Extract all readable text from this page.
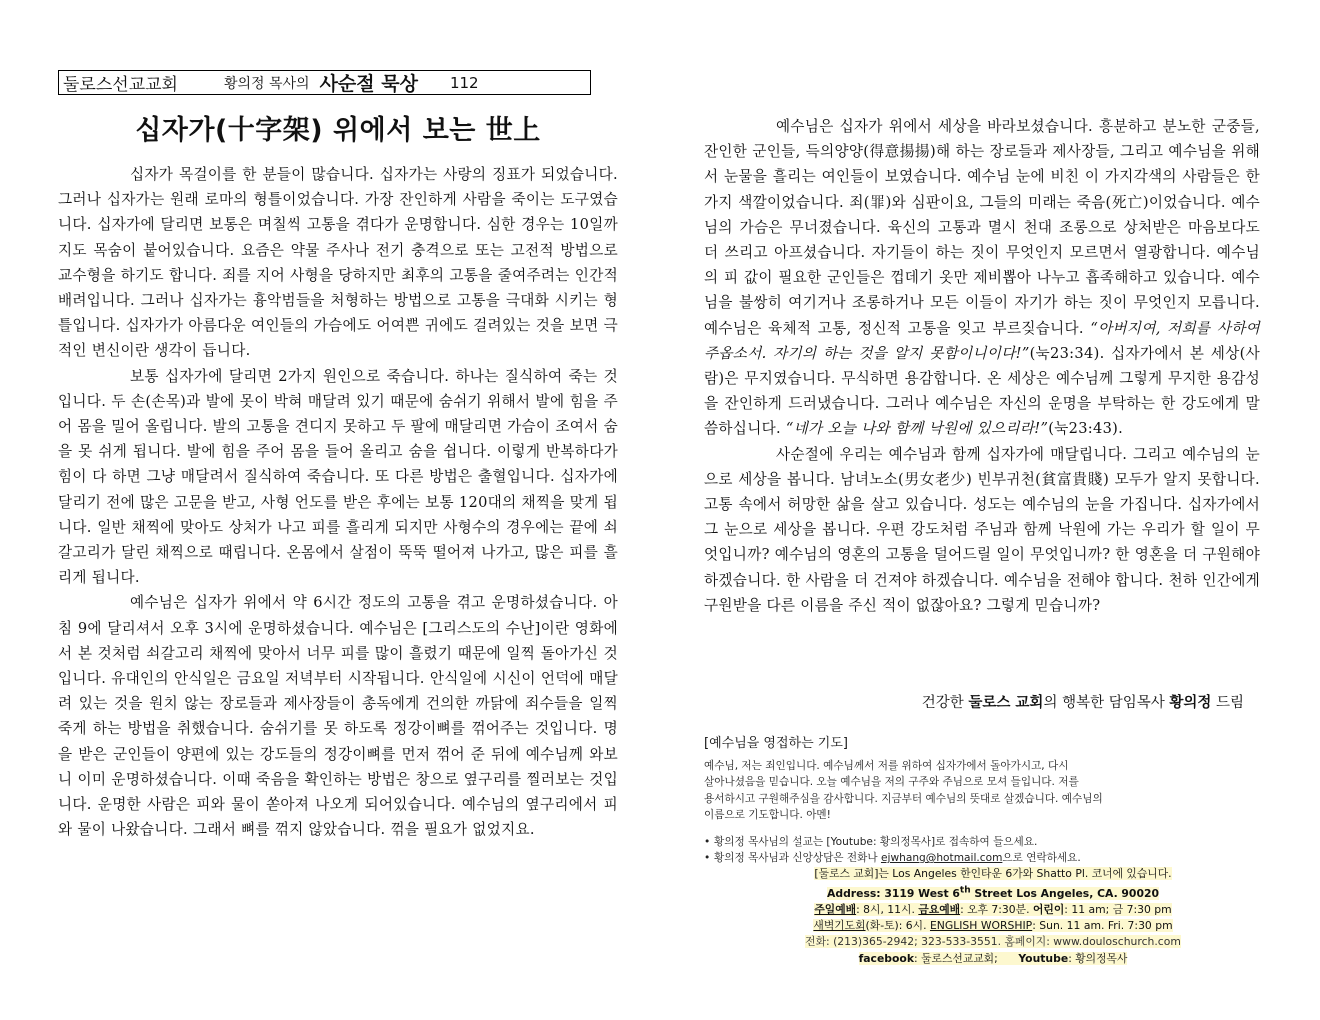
둘로스선교교회	황의정 목사의 사순절 묵상 112
십자가(十字架) 위에서 보는 世上

십자가 목걸이를 한 분들이 많습니다. 십자가는 사랑의 징표가 되었습니다. 그러나 십자가는 원래 로마의 형틀이었습니다. 가장 잔인하게 사람을 죽이는 도구였습니다. 십자가에 달리면 보통은 며칠씩 고통을 겪다가 운명합니다. 심한 경우는 10일까지도 목숨이 붙어있습니다. 요즘은 약물 주사나 전기 충격으로 또는 고전적 방법으로 교수형을 하기도 합니다. 죄를 지어 사형을 당하지만 최후의 고통을 줄여주려는 인간적 배려입니다. 그러나 십자가는 흉악범들을 처형하는 방법으로 고통을 극대화 시키는 형틀입니다. 십자가가 아름다운 여인들의 가슴에도 어여쁜 귀에도 걸려있는 것을 보면 극적인 변신이란 생각이 듭니다.

보통 십자가에 달리면 2가지 원인으로 죽습니다. 하나는 질식하여 죽는 것입니다. 두 손(손목)과 발에 못이 박혀 매달려 있기 때문에 숨쉬기 위해서 발에 힘을 주어 몸을 밀어 올립니다. 발의 고통을 견디지 못하고 두 팔에 매달리면 가슴이 조여서 숨을 못 쉬게 됩니다. 발에 힘을 주어 몸을 들어 올리고 숨을 쉽니다. 이렇게 반복하다가 힘이 다 하면 그냥 매달려서 질식하여 죽습니다. 또 다른 방법은 출혈입니다. 십자가에 달리기 전에 많은 고문을 받고, 사형 언도를 받은 후에는 보통 120대의 채찍을 맞게 됩니다. 일반 채찍에 맞아도 상처가 나고 피를 흘리게 되지만 사형수의 경우에는 끝에 쇠갈고리가 달린 채찍으로 때립니다. 온몸에서 살점이 뚝뚝 떨어져 나가고, 많은 피를 흘리게 됩니다.

예수님은 십자가 위에서 약 6시간 정도의 고통을 겪고 운명하셨습니다. 아침 9에 달리셔서 오후 3시에 운명하셨습니다. 예수님은 [그리스도의 수난]이란 영화에서 본 것처럼 쇠갈고리 채찍에 맞아서 너무 피를 많이 흘렸기 때문에 일찍 돌아가신 것입니다. 유대인의 안식일은 금요일 저녁부터 시작됩니다. 안식일에 시신이 언덕에 매달려 있는 것을 원치 않는 장로들과 제사장들이 총독에게 건의한 까닭에 죄수들을 일찍 죽게 하는 방법을 취했습니다. 숨쉬기를 못 하도록 정강이뼈를 꺾어주는 것입니다. 명을 받은 군인들이 양편에 있는 강도들의 정강이뼈를 먼저 꺾어 준 뒤에 예수님께 와보니 이미 운명하셨습니다. 이때 죽음을 확인하는 방법은 창으로 옆구리를 찔러보는 것입니다. 운명한 사람은 피와 물이 쏟아져 나오게 되어있습니다. 예수님의 옆구리에서 피와 물이 나왔습니다. 그래서 뼈를 꺾지 않았습니다. 꺾을 필요가 없었지요.

예수님은 십자가 위에서 세상을 바라보셨습니다. 흥분하고 분노한 군중들, 잔인한 군인들, 득의양양(得意揚揚)해 하는 장로들과 제사장들, 그리고 예수님을 위해서 눈물을 흘리는 여인들이 보였습니다. 예수님 눈에 비친 이 가지각색의 사람들은 한 가지 색깔이었습니다. 죄(罪)와 심판이요, 그들의 미래는 죽음(死亡)이었습니다. 예수님의 가슴은 무너졌습니다. 육신의 고통과 멸시 천대 조롱으로 상처받은 마음보다도 더 쓰리고 아프셨습니다. 자기들이 하는 짓이 무엇인지 모르면서 열광합니다. 예수님의 피 값이 필요한 군인들은 껍데기 옷만 제비뽑아 나누고 흡족해하고 있습니다. 예수님을 불쌍히 여기거나 조롱하거나 모든 이들이 자기가 하는 짓이 무엇인지 모릅니다. 예수님은 육체적 고통, 정신적 고통을 잊고 부르짖습니다. “아버지여, 저희를 사하여 주옵소서. 자기의 하는 것을 알지 못함이니이다!”(눅23:34). 십자가에서 본 세상(사람)은 무지였습니다. 무식하면 용감합니다. 온 세상은 예수님께 그렇게 무지한 용감성을 잔인하게 드러냈습니다. 그러나 예수님은 자신의 운명을 부탁하는 한 강도에게 말씀하십니다. “네가 오늘 나와 함께 낙원에 있으리라!”(눅23:43).

사순절에 우리는 예수님과 함께 십자가에 매달립니다. 그리고 예수님의 눈으로 세상을 봅니다. 남녀노소(男女老少) 빈부귀천(貧富貴賤) 모두가 알지 못합니다. 고통 속에서 허망한 삶을 살고 있습니다. 성도는 예수님의 눈을 가집니다. 십자가에서 그 눈으로 세상을 봅니다. 우편 강도처럼 주님과 함께 낙원에 가는 우리가 할 일이 무엇입니까? 예수님의 영혼의 고통을 덜어드릴 일이 무엇입니까? 한 영혼을 더 구원해야 하겠습니다. 한 사람을 더 건져야 하겠습니다. 예수님을 전해야 합니다. 천하 인간에게 구원받을 다른 이름을 주신 적이 없잖아요? 그렇게 믿습니까?

건강한 둘로스 교회의 행복한 담임목사 황의정 드림
[예수님을 영접하는 기도]
예수님, 저는 죄인입니다. 예수님께서 저를 위하여 십자가에서 돌아가시고, 다시
살아나셨음을 믿습니다. 오늘 예수님을 저의 구주와 주님으로 모셔 들입니다. 저를
용서하시고 구원해주심을 감사합니다. 지금부터 예수님의 뜻대로 살겠습니다. 예수님의
이름으로 기도합니다. 아멘!
• 황의정 목사님의 설교는 [Youtube: 황의정목사]로 접속하여 들으세요.
• 황의정 목사님과 신앙상담은 전화나 ejwhang@hotmail.com으로 연락하세요.
[둘로스 교회]는 Los Angeles 한인타운 6가와 Shatto Pl. 코너에 있습니다.
Address: 3119 West 6th Street Los Angeles, CA. 90020
주일예배: 8시, 11시. 금요예배: 오후 7:30분. 어린이: 11 am; 금 7:30 pm
새벽기도회(화-토): 6시. ENGLISH WORSHIP: Sun. 11 am. Fri. 7:30 pm
전화: (213)365-2942; 323-533-3551. 홈페이지: www.douloschurch.com
facebook: 둘로스선교교회; Youtube: 황의정목사
